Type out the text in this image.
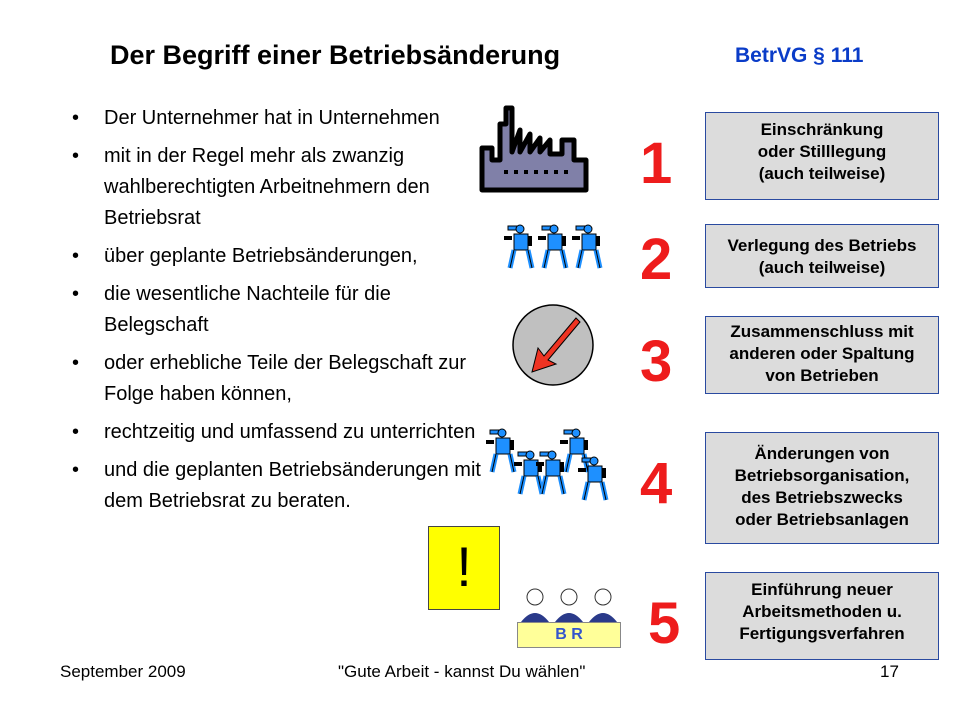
Der Begriff einer Betriebsänderung	BetrVG § 111
• Der Unternehmer hat in Unternehmen
• mit in der Regel mehr als zwanzig wahlberechtigten Arbeitnehmern den Betriebsrat
• über geplante Betriebsänderungen,
• die wesentliche Nachteile für die Belegschaft
• oder erhebliche Teile der Belegschaft zur Folge haben können,
• rechtzeitig und umfassend zu unterrichten
• und die geplanten Betriebsänderungen mit dem Betriebsrat zu beraten.
!
B R
1
2
3
4
5
Einschränkung
oder Stilllegung
(auch teilweise)
Verlegung des Betriebs
(auch teilweise)
Zusammenschluss mit
anderen oder Spaltung
von Betrieben
Änderungen von
Betriebsorganisation,
des Betriebszwecks
oder Betriebsanlagen
Einführung neuer
Arbeitsmethoden u.
Fertigungsverfahren
September 2009	"Gute Arbeit - kannst Du wählen"	17
